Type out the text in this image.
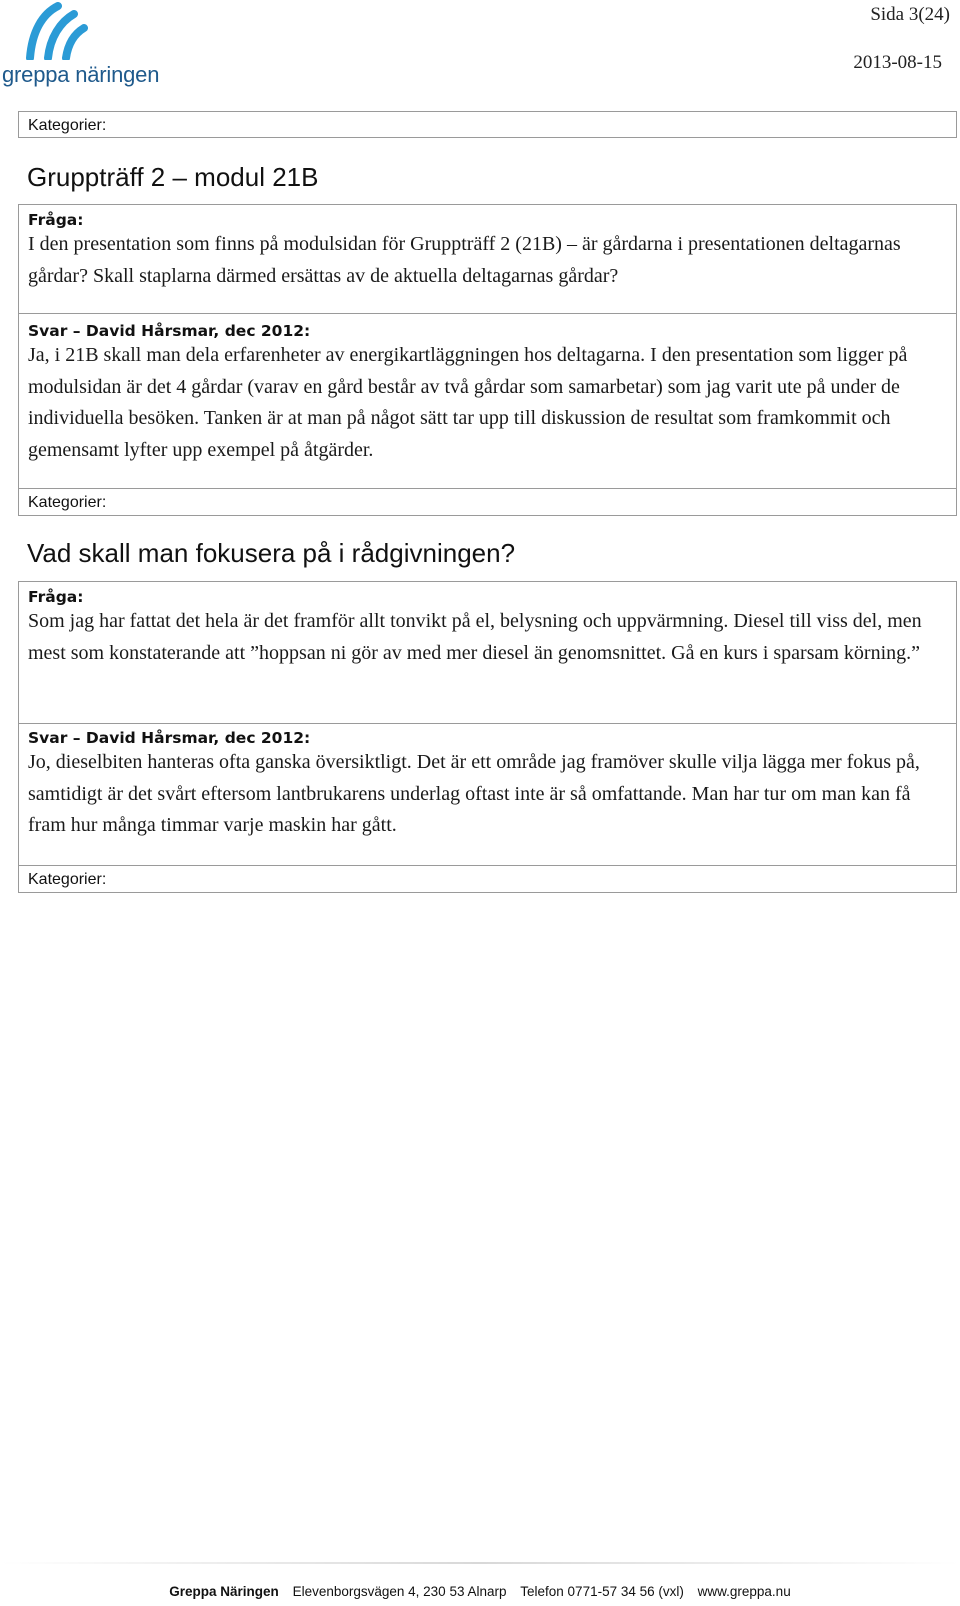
greppa näringen
Sida 3(24)
2013-08-15
Kategorier:
Gruppträff 2 – modul 21B
Fråga:
I den presentation som finns på modulsidan för Gruppträff 2 (21B) – är gårdarna i presentationen deltagarnas gårdar? Skall staplarna därmed ersättas av de aktuella deltagarnas gårdar?
Svar – David Hårsmar, dec 2012:
Ja, i 21B skall man dela erfarenheter av energikartläggningen hos deltagarna. I den presentation som ligger på modulsidan är det 4 gårdar (varav en gård består av två gårdar som samarbetar) som jag varit ute på under de individuella besöken. Tanken är at man på något sätt tar upp till diskussion de resultat som framkommit och gemensamt lyfter upp exempel på åtgärder.
Kategorier:
Vad skall man fokusera på i rådgivningen?
Fråga:
Som jag har fattat det hela är det framför allt tonvikt på el, belysning och uppvärmning. Diesel till viss del, men mest som konstaterande att ”hoppsan ni gör av med mer diesel än genomsnittet. Gå en kurs i sparsam körning.”
Svar – David Hårsmar, dec 2012:
Jo, dieselbiten hanteras ofta ganska översiktligt. Det är ett område jag framöver skulle vilja lägga mer fokus på, samtidigt är det svårt eftersom lantbrukarens underlag oftast inte är så omfattande. Man har tur om man kan få fram hur många timmar varje maskin har gått.
Kategorier:
Greppa Näringen Elevenborgsvägen 4, 230 53 Alnarp Telefon 0771-57 34 56 (vxl) www.greppa.nu
